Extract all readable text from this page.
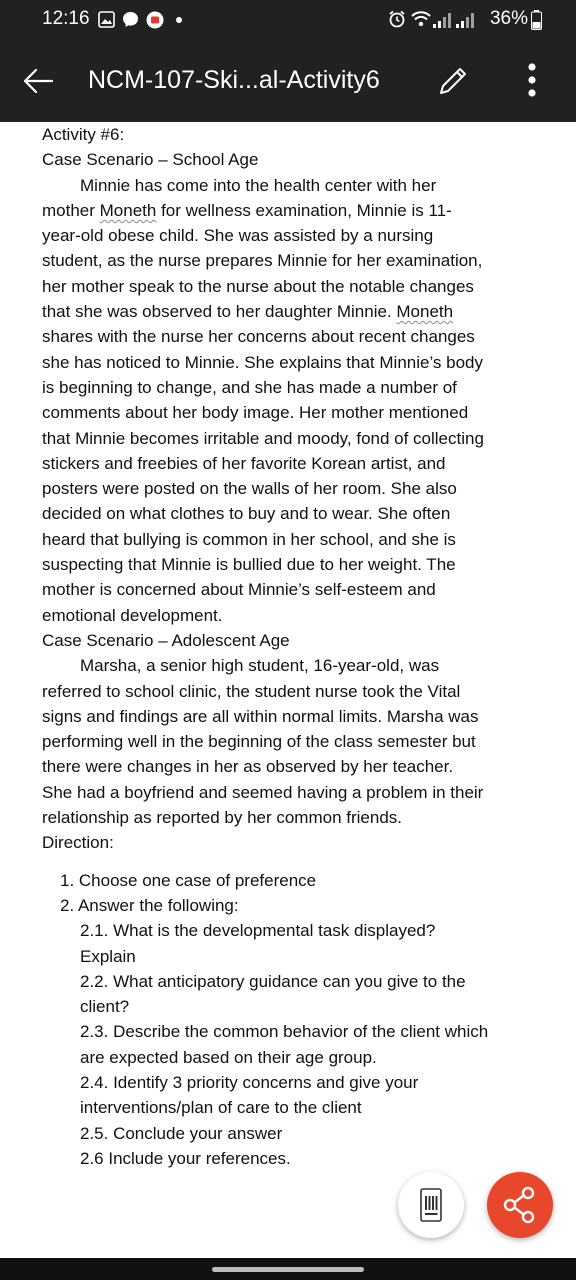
12:16	36%
NCM-107-Ski...al-Activity6

Activity #6:

Case Scenario – School Age

Minnie has come into the health center with her
mother Moneth for wellness examination, Minnie is 11-
year-old obese child. She was assisted by a nursing
student, as the nurse prepares Minnie for her examination,
her mother speak to the nurse about the notable changes
that she was observed to her daughter Minnie. Moneth
shares with the nurse her concerns about recent changes
she has noticed to Minnie. She explains that Minnie’s body
is beginning to change, and she has made a number of
comments about her body image. Her mother mentioned
that Minnie becomes irritable and moody, fond of collecting
stickers and freebies of her favorite Korean artist, and
posters were posted on the walls of her room. She also
decided on what clothes to buy and to wear. She often
heard that bullying is common in her school, and she is
suspecting that Minnie is bullied due to her weight. The
mother is concerned about Minnie’s self-esteem and
emotional development.

Case Scenario – Adolescent Age

Marsha, a senior high student, 16-year-old, was
referred to school clinic, the student nurse took the Vital
signs and findings are all within normal limits. Marsha was
performing well in the beginning of the class semester but
there were changes in her as observed by her teacher.
She had a boyfriend and seemed having a problem in their
relationship as reported by her common friends.

Direction:

1. Choose one case of preference
2. Answer the following:
2.1. What is the developmental task displayed?
Explain
2.2. What anticipatory guidance can you give to the
client?
2.3. Describe the common behavior of the client which
are expected based on their age group.
2.4. Identify 3 priority concerns and give your
interventions/plan of care to the client
2.5. Conclude your answer
2.6 Include your references.
